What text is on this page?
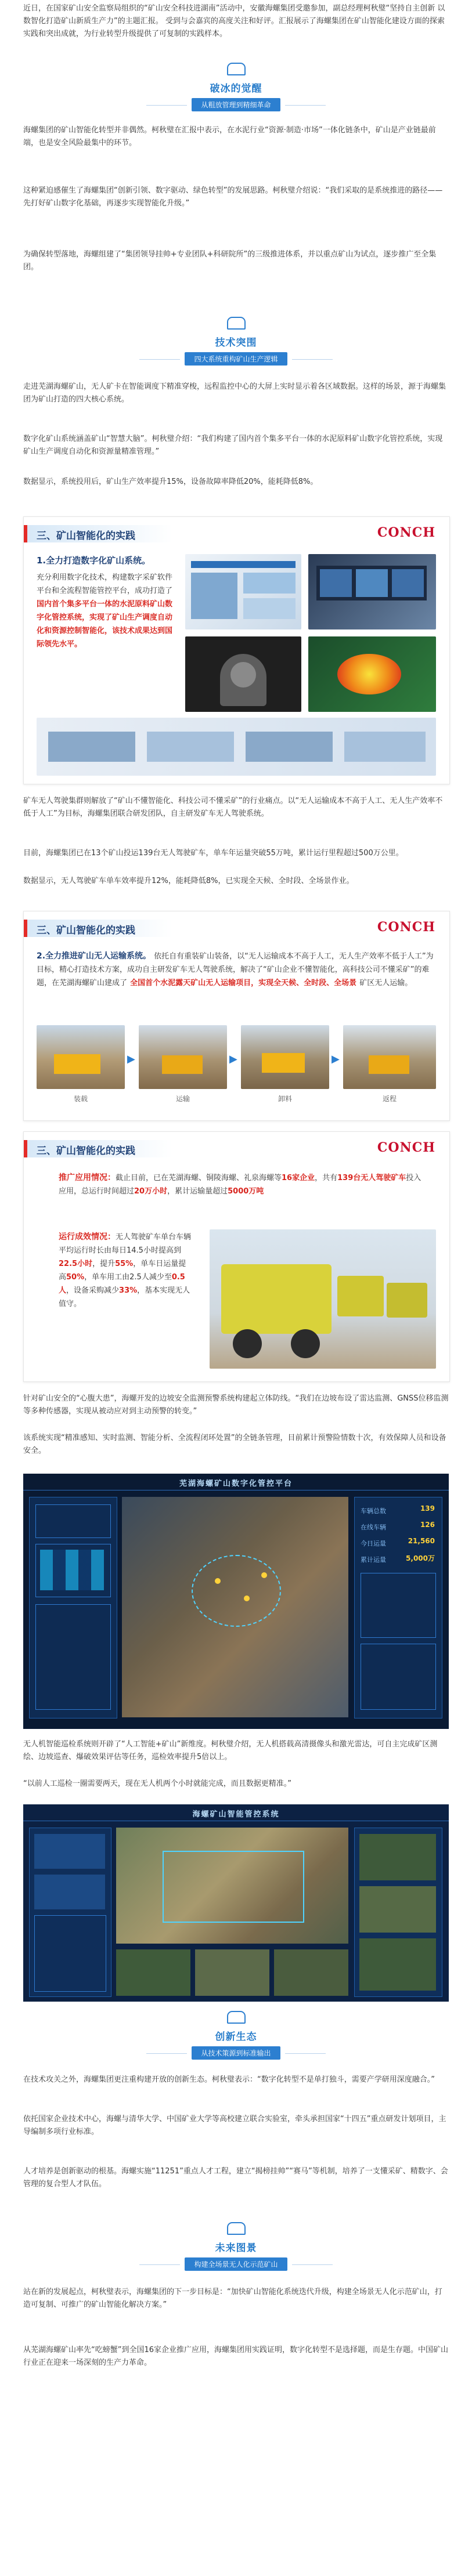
近日，在国家矿山安全监察局组织的“矿山安全科技进湖南”活动中，安徽海螺集团受邀参加，副总经理柯秋璧“坚持自主创新 以数智化打造矿山新质生产力”的主题汇报。 受到与会嘉宾的高度关注和好评。汇报展示了海螺集团在矿山智能化建设方面的探索实践和突出成就，为行业转型升级提供了可复制的实践样本。

破冰的觉醒
从粗放管理到精细革命

海螺集团的矿山智能化转型并非偶然。柯秋璧在汇报中表示，在水泥行业“资源·制造·市场”一体化链条中，矿山是产业链最前端，也是安全风险最集中的环节。

这种紧迫感催生了海螺集团“创新引领、数字驱动、绿色转型”的发展思路。柯秋璧介绍说：“我们采取的是系统推进的路径——先打好矿山数字化基础，再逐步实现智能化升级。”

为确保转型落地，海螺组建了“集团领导挂帅+专业团队+科研院所”的三级推进体系，并以重点矿山为试点，逐步推广至全集团。

技术突围
四大系统重构矿山生产逻辑

走进芜湖海螺矿山，无人矿卡在智能调度下精准穿梭，远程监控中心的大屏上实时显示着各区域数据。这样的场景，源于海螺集团为矿山打造的四大核心系统。

数字化矿山系统涵盖矿山“智慧大脑”。柯秋璧介绍：“我们构建了国内首个集多平台一体的水泥原料矿山数字化管控系统，实现矿山生产调度自动化和资源量精准管理。”

数据显示，系统投用后，矿山生产效率提升15%，设备故障率降低20%，能耗降低8%。

三、矿山智能化的实践	CONCH
1.全力打造数字化矿山系统。
充分利用数字化技术，构建数字采矿软件平台和全流程智能管控平台，成功打造了 国内首个集多平台一体的水泥原料矿山数字化管控系统，实现了矿山生产调度自动化和资源控制智能化，该技术成果达到国际领先水平。

矿车无人驾驶集群则解放了“矿山不懂智能化、科技公司不懂采矿”的行业痛点。以“无人运输成本不高于人工、无人生产效率不低于人工”为目标，海螺集团联合研发团队，自主研发矿车无人驾驶系统。

目前，海螺集团已在13个矿山投运139台无人驾驶矿车，单车年运量突破55万吨，累计运行里程超过500万公里。

数据显示，无人驾驶矿车单车效率提升12%，能耗降低8%，已实现全天候、全时段、全场景作业。

三、矿山智能化的实践	CONCH
2.全力推进矿山无人运输系统。 依托自有重装矿山装备，以“无人运输成本不高于人工，无人生产效率不低于人工”为目标，精心打造技术方案，成功自主研发矿车无人驾驶系统，解决了“矿山企业不懂智能化，高科技公司不懂采矿”的难题，在芜湖海螺矿山建成了 全国首个水泥露天矿山无人运输项目，实现全天候、全时段、全场景 矿区无人运输。
▶	▶	▶
装载	运输	卸料	返程
三、矿山智能化的实践	CONCH
推广应用情况：截止目前，已在芜湖海螺、铜陵海螺、礼泉海螺等16家企业，共有139台无人驾驶矿车投入应用，总运行时间超过20万小时，累计运输量超过5000万吨
运行成效情况：无人驾驶矿车单台车辆平均运行时长由每日14.5小时提高到22.5小时，提升55%，单车日运量提高50%，单车用工由2.5人减少至0.5人，设备采购减少33%，基本实现无人值守。

针对矿山安全的“心腹大患”，海螺开发的边坡安全监测预警系统构建起立体防线。“我们在边坡布设了雷达监测、GNSS位移监测等多种传感器，实现从被动应对到主动预警的转变。”

该系统实现“精准感知、实时监测、智能分析、全流程闭环处置”的全链条管理，目前累计预警险情数十次，有效保障人员和设备安全。

芜湖海螺矿山数字化管控平台
车辆总数	139
在线车辆	126
今日运量	21,560
累计运量	5,000万

无人机智能巡检系统则开辟了“人工智能+矿山”新维度。柯秋璧介绍，无人机搭载高清摄像头和激光雷达，可自主完成矿区测绘、边坡巡查、爆破效果评估等任务，巡检效率提升5倍以上。

“以前人工巡检一圈需要两天，现在无人机两个小时就能完成，而且数据更精准。”

海螺矿山智能管控系统
创新生态
从技术策源到标准输出

在技术攻关之外，海螺集团更注重构建开放的创新生态。柯秋璧表示：“数字化转型不是单打独斗，需要产学研用深度融合。”

依托国家企业技术中心，海螺与清华大学、中国矿业大学等高校建立联合实验室，牵头承担国家“十四五”重点研发计划项目，主导编制多项行业标准。

人才培养是创新驱动的根基。海螺实施“11251”重点人才工程，建立“揭榜挂帅”“赛马”等机制，培养了一支懂采矿、精数字、会管理的复合型人才队伍。

未来图景
构建全场景无人化示范矿山

站在新的发展起点，柯秋璧表示，海螺集团的下一步目标是：“加快矿山智能化系统迭代升级，构建全场景无人化示范矿山，打造可复制、可推广的矿山智能化解决方案。”

从芜湖海螺矿山率先“吃螃蟹”到全国16家企业推广应用，海螺集团用实践证明，数字化转型不是选择题，而是生存题。中国矿山行业正在迎来一场深刻的生产力革命。
